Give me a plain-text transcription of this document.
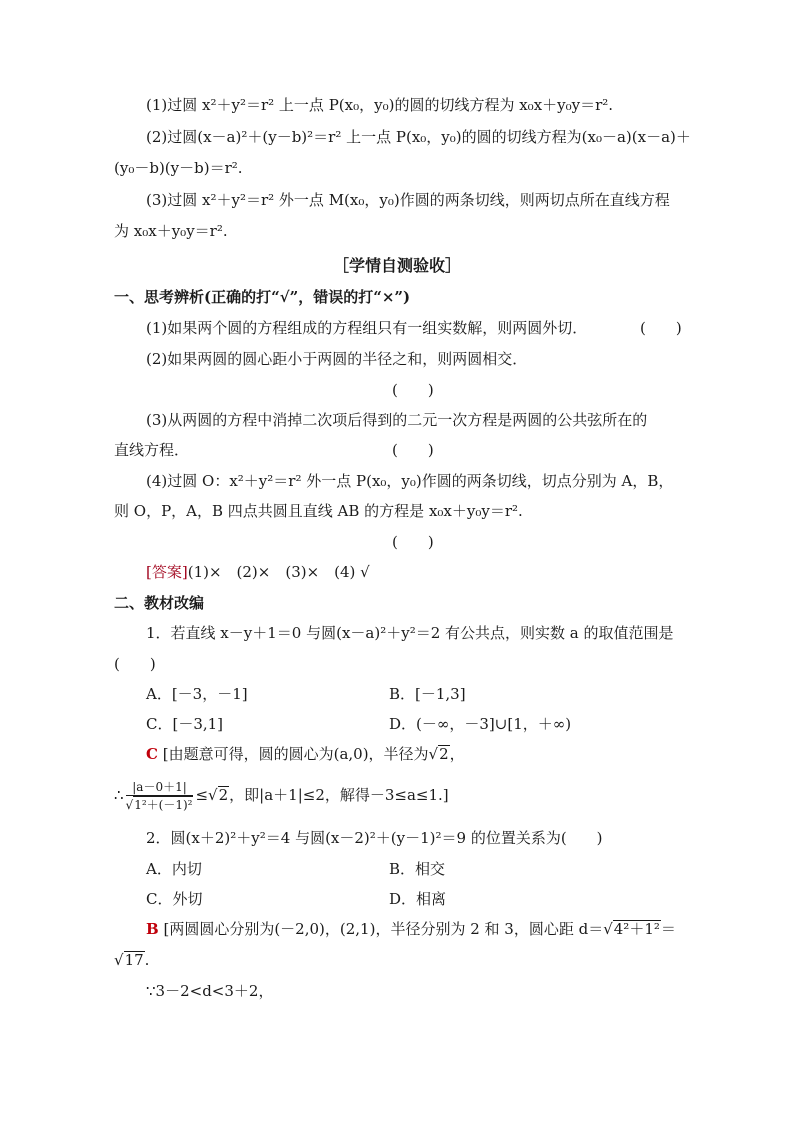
(1)过圆 x²＋y²＝r² 上一点 P(x₀，y₀)的圆的切线方程为 x₀x＋y₀y＝r².
(2)过圆(x－a)²＋(y－b)²＝r² 上一点 P(x₀，y₀)的圆的切线方程为(x₀－a)(x－a)＋
(y₀－b)(y－b)＝r².
(3)过圆 x²＋y²＝r² 外一点 M(x₀，y₀)作圆的两条切线，则两切点所在直线方程
为 x₀x＋y₀y＝r².
［学情自测验收］
一、思考辨析(正确的打“√”，错误的打“×”)
(1)如果两个圆的方程组成的方程组只有一组实数解，则两圆外切．	(　　)
(2)如果两圆的圆心距小于两圆的半径之和，则两圆相交．
(　　)
(3)从两圆的方程中消掉二次项后得到的二元一次方程是两圆的公共弦所在的
直线方程．	(　　)
(4)过圆 O：x²＋y²＝r² 外一点 P(x₀，y₀)作圆的两条切线，切点分别为 A，B，
则 O，P，A，B 四点共圆且直线 AB 的方程是 x₀x＋y₀y＝r².
(　　)
[答案](1)×　(2)×　(3)×　(4) √
二、教材改编
1．若直线 x－y＋1＝0 与圆(x－a)²＋y²＝2 有公共点，则实数 a 的取值范围是
(　　)
A．[－3，－1]	B．[－1,3]
C．[－3,1]	D．(－∞，－3]∪[1，＋∞)
C [由题意可得，圆的圆心为(a,0)，半径为√2，
∴ $\frac{|a-0+1|}{\text{√1²＋(－1)²}} \le√2$，即|a＋1|≤2，解得－3≤a≤1.]
2．圆(x＋2)²＋y²＝4 与圆(x－2)²＋(y－1)²＝9 的位置关系为(　　)
A．内切	B．相交
C．外切	D．相离
B [两圆圆心分别为(－2,0)，(2,1)，半径分别为 2 和 3，圆心距 d＝√4²＋1²＝
√17.
∵3－2<d<3＋2，
